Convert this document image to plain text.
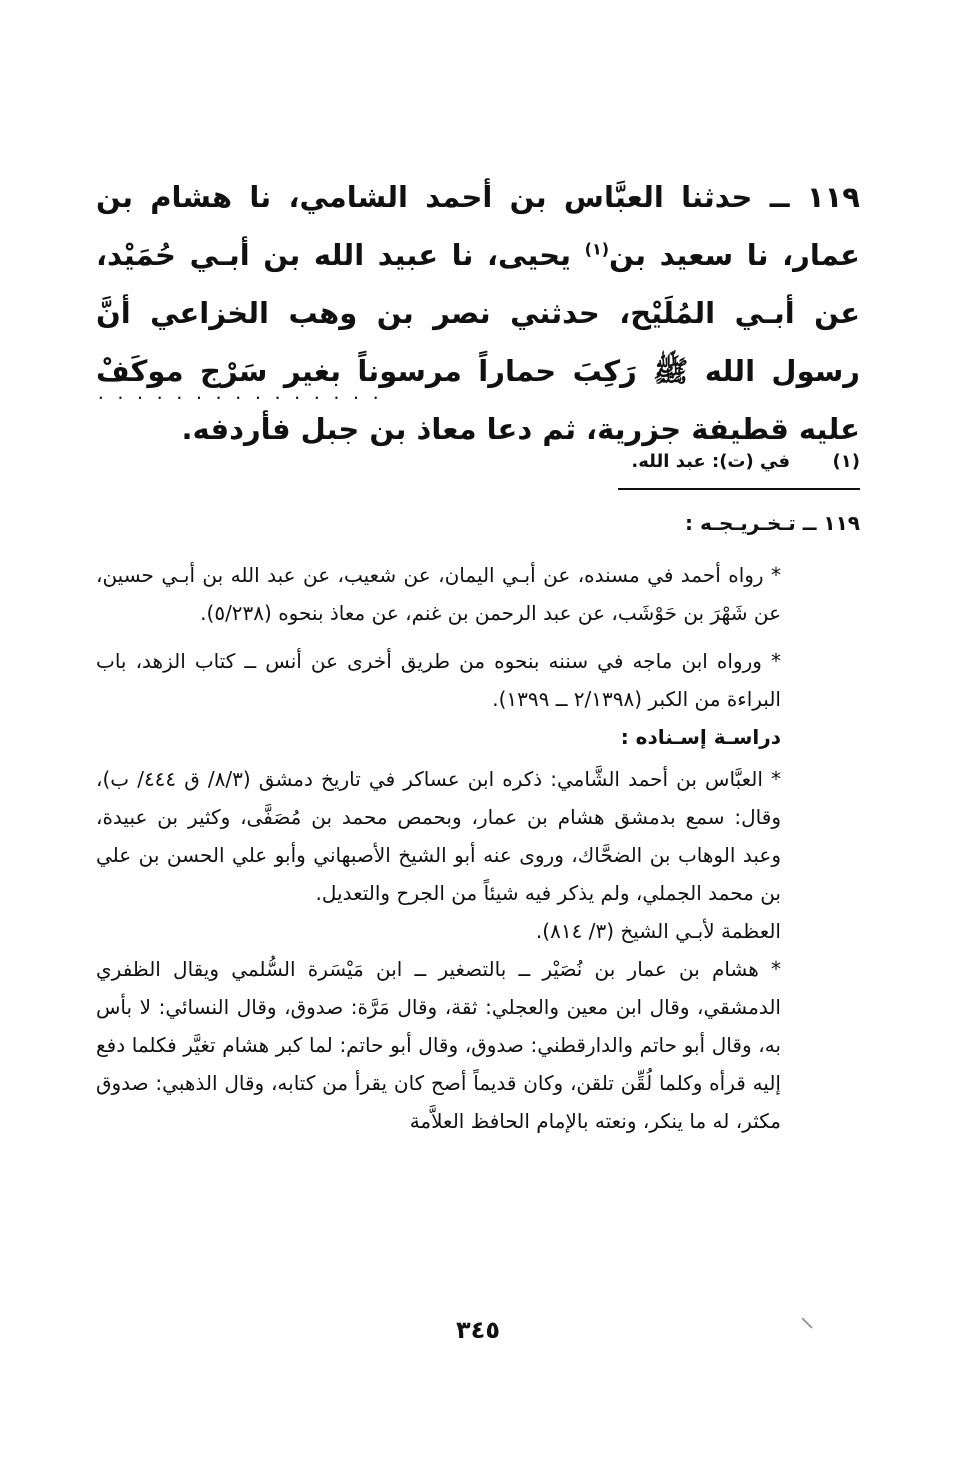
١١٩ ــ حدثنا العبَّاس بن أحمد الشامي، نا هشام بن عمار، نا سعيد بن$^{(١)}$ يحيى، نا عبيد الله بن أبـي حُمَيْد، عن أبـي المُلَيْح، حدثني نصر بن وهب الخزاعي أنَّ رسول الله ﷺ رَكِبَ حماراً مرسوناً بغير سَرْج موكَفْ عليه قطيفة جزرية، ثم دعا معاذ بن جبل فأردفه.
...............
(١)في (ت): عبد الله.
١١٩ ــ تـخـريـجـه :

* رواه أحمد في مسنده، عن أبـي اليمان، عن شعيب، عن عبد الله بن أبـي حسين، عن شَهْرَ بن حَوْشَب، عن عبد الرحمن بن غنم، عن معاذ بنحوه (٥/٢٣٨).

* ورواه ابن ماجه في سننه بنحوه من طريق أخرى عن أنس ــ كتاب الزهد، باب البراءة من الكبر (٢/١٣٩٨ ــ ١٣٩٩).

دراسـة إسـناده :

* العبَّاس بن أحمد الشَّامي: ذكره ابن عساكر في تاريخ دمشق (٨/٣/ ق ٤٤٤/ ب)، وقال: سمع بدمشق هشام بن عمار، وبحمص محمد بن مُصَفَّى، وكثير بن عبيدة، وعبد الوهاب بن الضحَّاك، وروى عنه أبو الشيخ الأصبهاني وأبو علي الحسن بن علي بن محمد الجملي، ولم يذكر فيه شيئاً من الجرح والتعديل.

العظمة لأبـي الشيخ (٣/ ٨١٤).

* هشام بن عمار بن نُصَيْر ــ بالتصغير ــ ابن مَيْسَرة السُّلمي ويقال الظفري الدمشقي، وقال ابن معين والعجلي: ثقة، وقال مَرَّة: صدوق، وقال النسائي: لا بأس به، وقال أبو حاتم والدارقطني: صدوق، وقال أبو حاتم: لما كبر هشام تغيَّر فكلما دفع إليه قرأه وكلما لُقِّن تلقن، وكان قديماً أصح كان يقرأ من كتابه، وقال الذهبي: صدوق مكثر، له ما ينكر، ونعته بالإمام الحافظ العلاَّمة

٣٤٥
